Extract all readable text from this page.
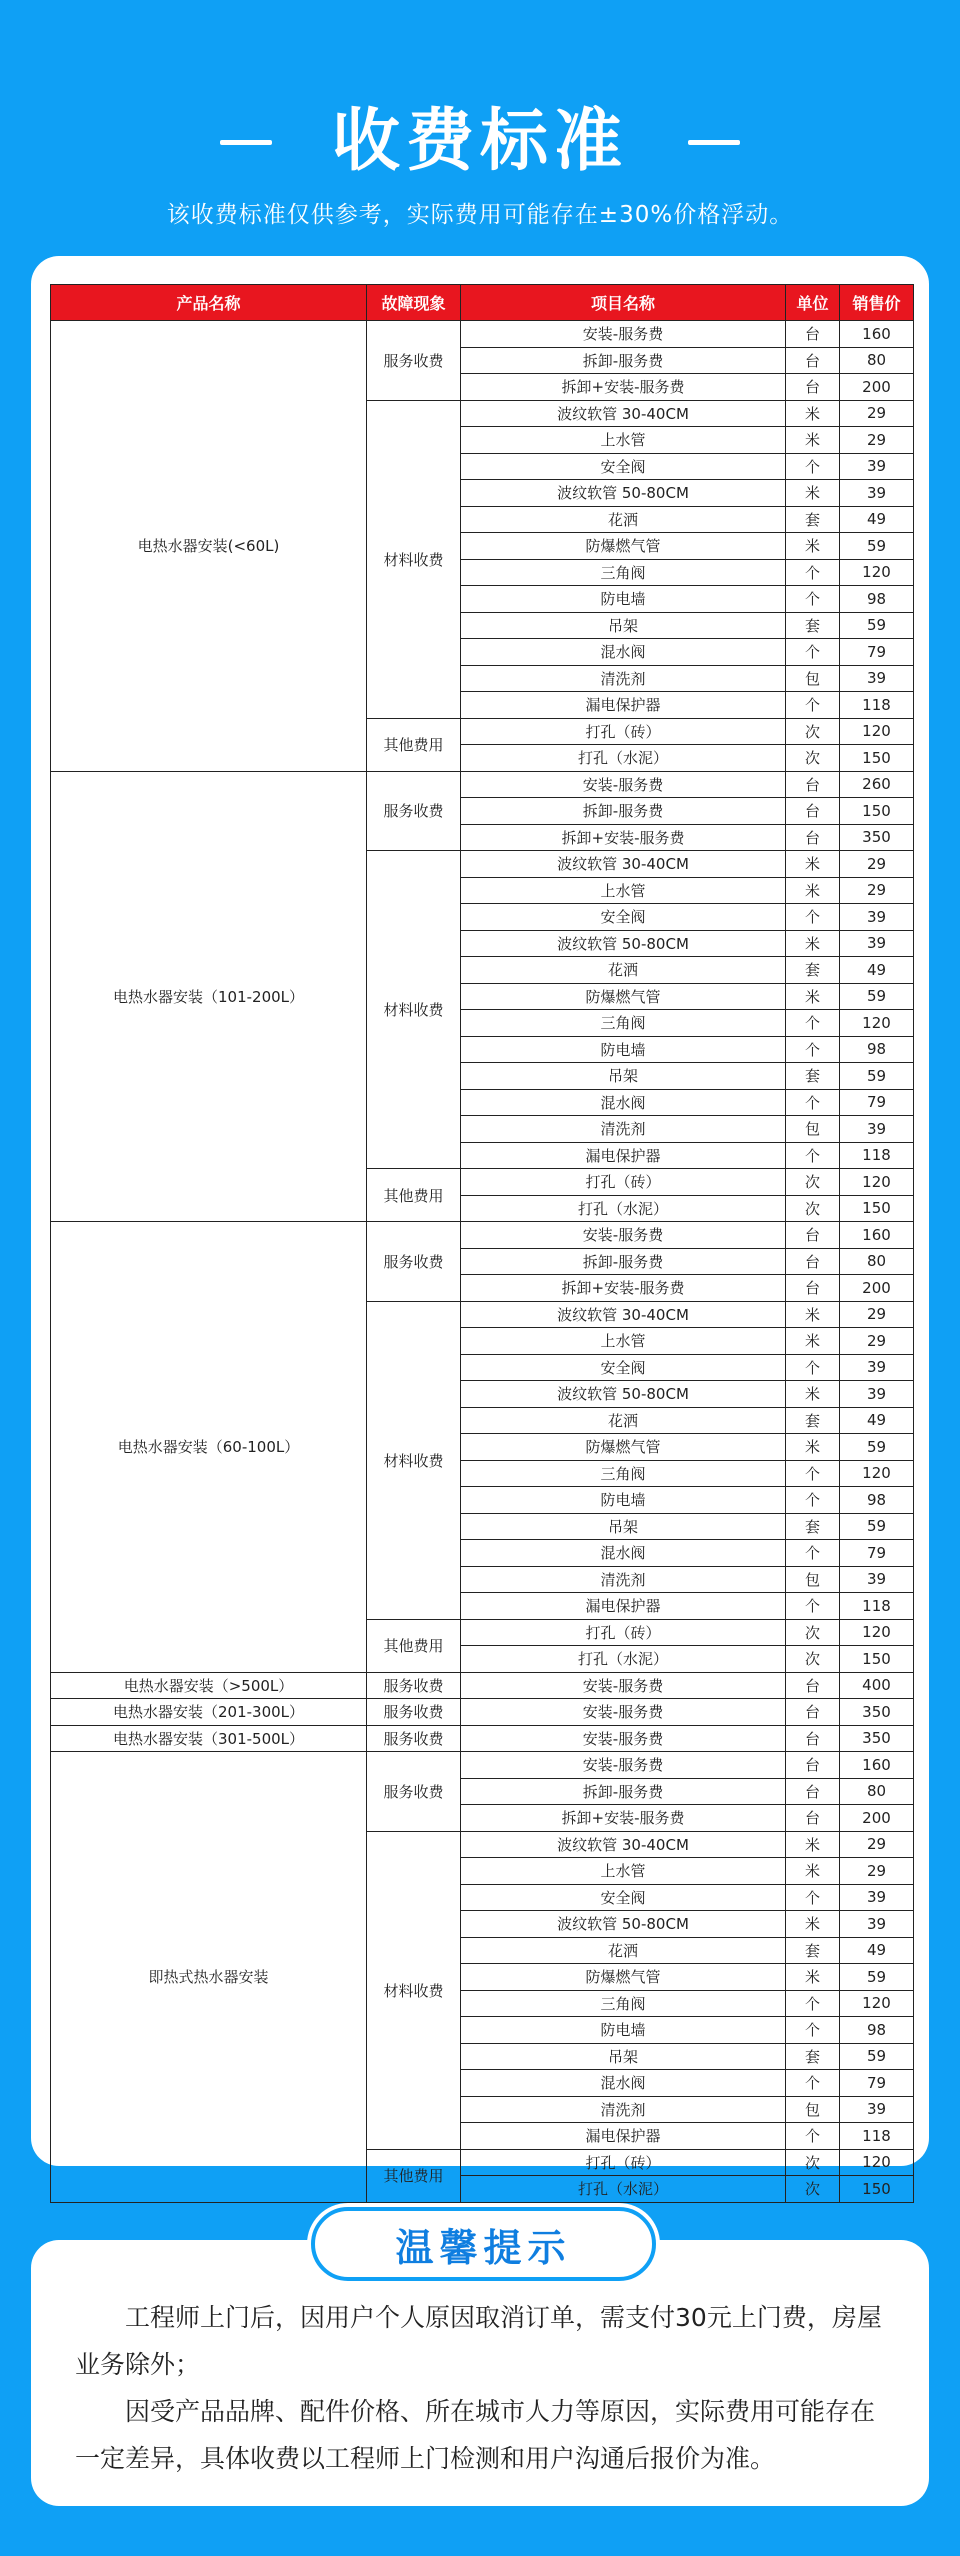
收费标准
该收费标准仅供参考，实际费用可能存在±30%价格浮动。
产品名称	故障现象	项目名称	单位	销售价
电热水器安装(<60L)	服务收费	安装-服务费	台	160
		拆卸-服务费	台	80
		拆卸+安装-服务费	台	200
	材料收费	波纹软管 30-40CM	米	29
		上水管	米	29
		安全阀	个	39
		波纹软管 50-80CM	米	39
		花洒	套	49
		防爆燃气管	米	59
		三角阀	个	120
		防电墙	个	98
		吊架	套	59
		混水阀	个	79
		清洗剂	包	39
		漏电保护器	个	118
	其他费用	打孔（砖）	次	120
		打孔（水泥）	次	150
电热水器安装（101-200L）	服务收费	安装-服务费	台	260
		拆卸-服务费	台	150
		拆卸+安装-服务费	台	350
	材料收费	波纹软管 30-40CM	米	29
		上水管	米	29
		安全阀	个	39
		波纹软管 50-80CM	米	39
		花洒	套	49
		防爆燃气管	米	59
		三角阀	个	120
		防电墙	个	98
		吊架	套	59
		混水阀	个	79
		清洗剂	包	39
		漏电保护器	个	118
	其他费用	打孔（砖）	次	120
		打孔（水泥）	次	150
电热水器安装（60-100L）	服务收费	安装-服务费	台	160
		拆卸-服务费	台	80
		拆卸+安装-服务费	台	200
	材料收费	波纹软管 30-40CM	米	29
		上水管	米	29
		安全阀	个	39
		波纹软管 50-80CM	米	39
		花洒	套	49
		防爆燃气管	米	59
		三角阀	个	120
		防电墙	个	98
		吊架	套	59
		混水阀	个	79
		清洗剂	包	39
		漏电保护器	个	118
	其他费用	打孔（砖）	次	120
		打孔（水泥）	次	150
电热水器安装（>500L）	服务收费	安装-服务费	台	400
电热水器安装（201-300L）	服务收费	安装-服务费	台	350
电热水器安装（301-500L）	服务收费	安装-服务费	台	350
即热式热水器安装	服务收费	安装-服务费	台	160
		拆卸-服务费	台	80
		拆卸+安装-服务费	台	200
	材料收费	波纹软管 30-40CM	米	29
		上水管	米	29
		安全阀	个	39
		波纹软管 50-80CM	米	39
		花洒	套	49
		防爆燃气管	米	59
		三角阀	个	120
		防电墙	个	98
		吊架	套	59
		混水阀	个	79
		清洗剂	包	39
		漏电保护器	个	118
	其他费用	打孔（砖）	次	120
		打孔（水泥）	次	150
温馨提示

工程师上门后，因用户个人原因取消订单，需支付30元上门费，房屋业务除外；

因受产品品牌、配件价格、所在城市人力等原因，实际费用可能存在一定差异，具体收费以工程师上门检测和用户沟通后报价为准。
